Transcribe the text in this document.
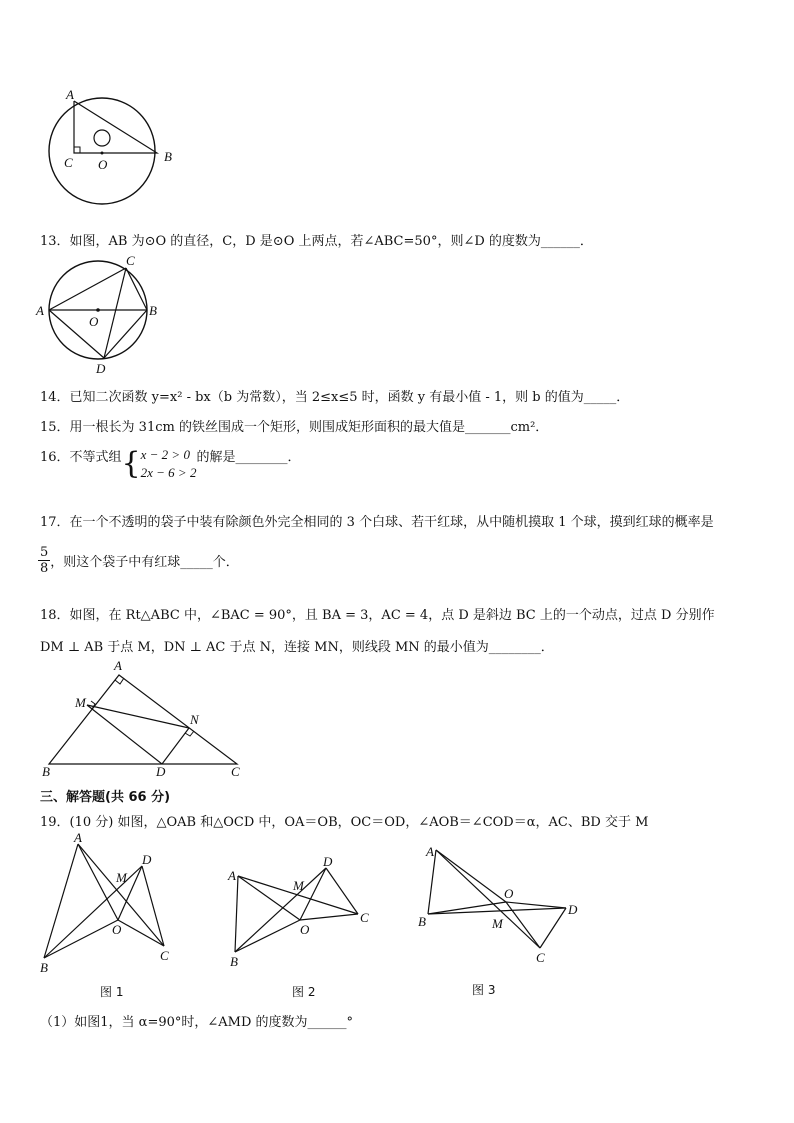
A
C O
B
13．如图，AB 为⊙O 的直径，C，D 是⊙O 上两点，若∠ABC=50°，则∠D 的度数为______．
A	B
C
O
D
14．已知二次函数 y=x² - bx（b 为常数），当 2≤x≤5 时，函数 y 有最小值 - 1，则 b 的值为_____．
15．用一根长为 31cm 的铁丝围成一个矩形，则围成矩形面积的最大值是_______cm²．
16．不等式组{ x − 2 > 0
2x − 6 > 2
的解是________．
17．在一个不透明的袋子中装有除颜色外完全相同的 3 个白球、若干红球，从中随机摸取 1 个球，摸到红球的概率是
$\frac{5}{8}$ ，则这个袋子中有红球_____个．
18．如图，在 Rt△ABC 中，∠BAC = 90°，且 BA = 3，AC = 4，点 D 是斜边 BC 上的一个动点，过点 D 分别作
DM ⊥ AB 于点 M，DN ⊥ AC 于点 N，连接 MN，则线段 MN 的最小值为________．
A
M
N
B	D	C
三、解答题(共 66 分)
19．(10 分) 如图，△OAB 和△OCD 中，OA＝OB，OC＝OD，∠AOB＝∠COD＝α，AC、BD 交于 M
A
M
D
O
B
C
图 1
A
M
D
C
O
B
图 2
A
O
D
B	M
C
图 3
（1）如图1，当 α=90°时，∠AMD 的度数为______°
